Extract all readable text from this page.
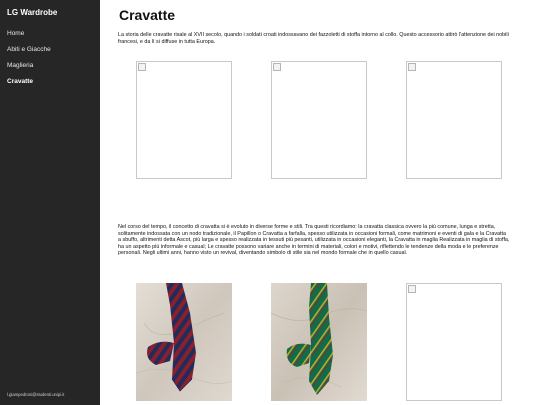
LG Wardrobe
Home
Abiti e Giacche
Maglieria
Cravatte
l.giampedroni@studenti.unipi.it
Cravatte

La storia delle cravatte risale al XVII secolo, quando i soldati croati indossavano dei fazzoletti di stoffa intorno al collo. Questo accessorio attirò l'attenzione dei nobili francesi, e da lì si diffuse in tutta Europa.

Nel corso del tempo, il concetto di cravatta si è evoluto in diverse forme e stili. Tra questi ricordiamo: la cravatta classica ovvero la più comune, lunga e stretta, solitamente indossata con un nodo tradizionale, il Papillon o Cravatta a farfalla, spesso utilizzata in occasioni formali, come matrimoni e eventi di gala e la Cravatta a sbuffo, altrimenti detta Ascot, più larga e spesso realizzata in tessuti più pesanti, utilizzata in occasioni eleganti, la Cravatta in maglia Realizzata in maglia di stoffa, ha un aspetto più informale e casual; Le cravatte possono variare anche in termini di materiali, colori e motivi, riflettendo le tendenze della moda e le preferenze personali. Negli ultimi anni, hanno visto un revival, diventando simbolo di stile sia nel mondo formale che in quello casual.
